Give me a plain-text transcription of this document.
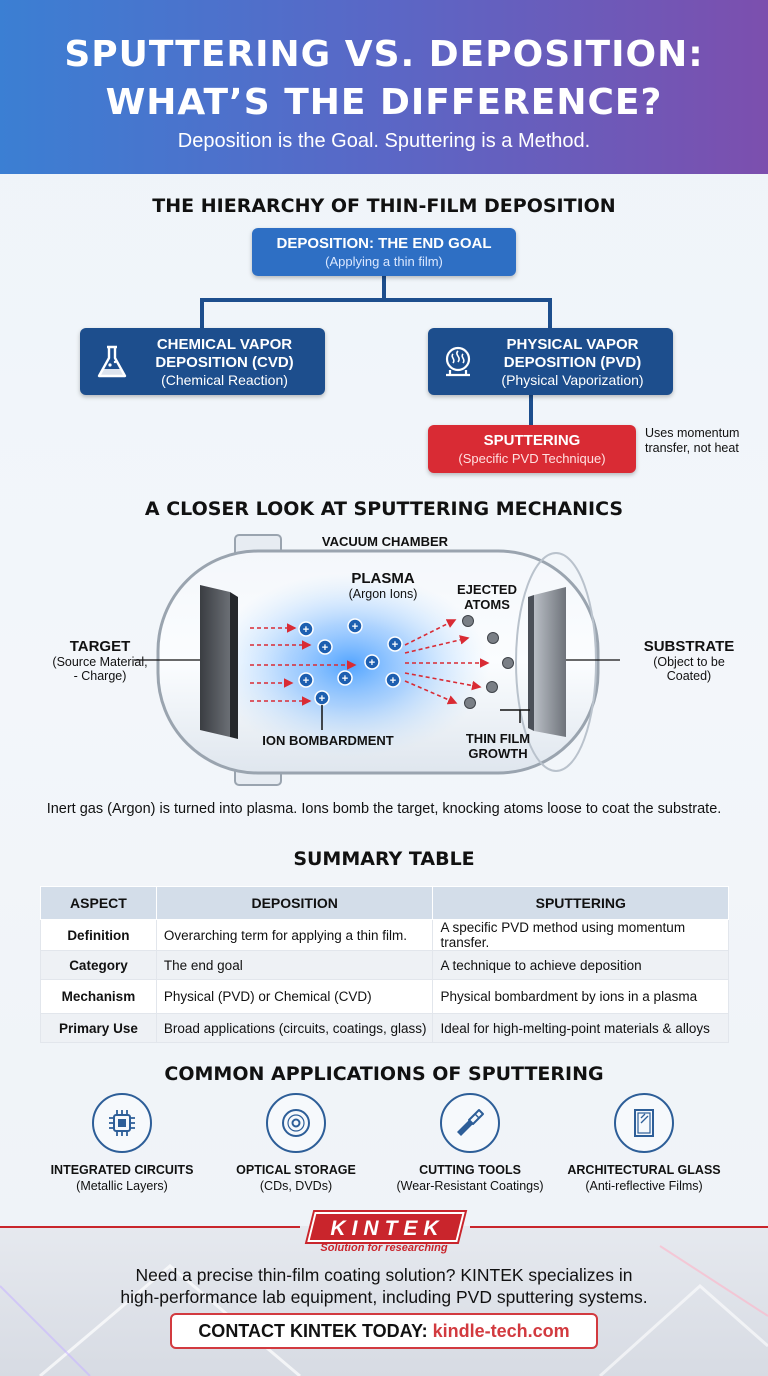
SPUTTERING VS. DEPOSITION:
WHAT’S THE DIFFERENCE?
Deposition is the Goal. Sputtering is a Method.
THE HIERARCHY OF THIN-FILM DEPOSITION
DEPOSITION: THE END GOAL
(Applying a thin film)
CHEMICAL VAPOR
DEPOSITION (CVD)
(Chemical Reaction)
PHYSICAL VAPOR
DEPOSITION (PVD)
(Physical Vaporization)
SPUTTERING
(Specific PVD Technique)
Uses momentum transfer, not heat
A CLOSER LOOK AT SPUTTERING MECHANICS
+	+
+	+
+
+	+	+
+
VACUUM CHAMBER
PLASMA
(Argon Ions)	EJECTED
ATOMS
TARGET
(Source Material,
- Charge)
SUBSTRATE
(Object to be
Coated)
ION BOMBARDMENT	THIN FILM
GROWTH
Inert gas (Argon) is turned into plasma. Ions bomb the target, knocking atoms loose to coat the substrate.
SUMMARY TABLE
ASPECT	DEPOSITION	SPUTTERING
Definition	Overarching term for applying a thin film.	A specific PVD method using momentum transfer.
Category	The end goal	A technique to achieve deposition
Mechanism	Physical (PVD) or Chemical (CVD)	Physical bombardment by ions in a plasma
Primary Use	Broad applications (circuits, coatings, glass)	Ideal for high-melting-point materials & alloys
COMMON APPLICATIONS OF SPUTTERING
INTEGRATED CIRCUITS
(Metallic Layers)
OPTICAL STORAGE
(CDs, DVDs)
CUTTING TOOLS
(Wear-Resistant Coatings)
ARCHITECTURAL GLASS
(Anti-reflective Films)
KINTEK
Solution for researching
Need a precise thin-film coating solution? KINTEK specializes in
high-performance lab equipment, including PVD sputtering systems.
CONTACT KINTEK TODAY: kindle-tech.com
